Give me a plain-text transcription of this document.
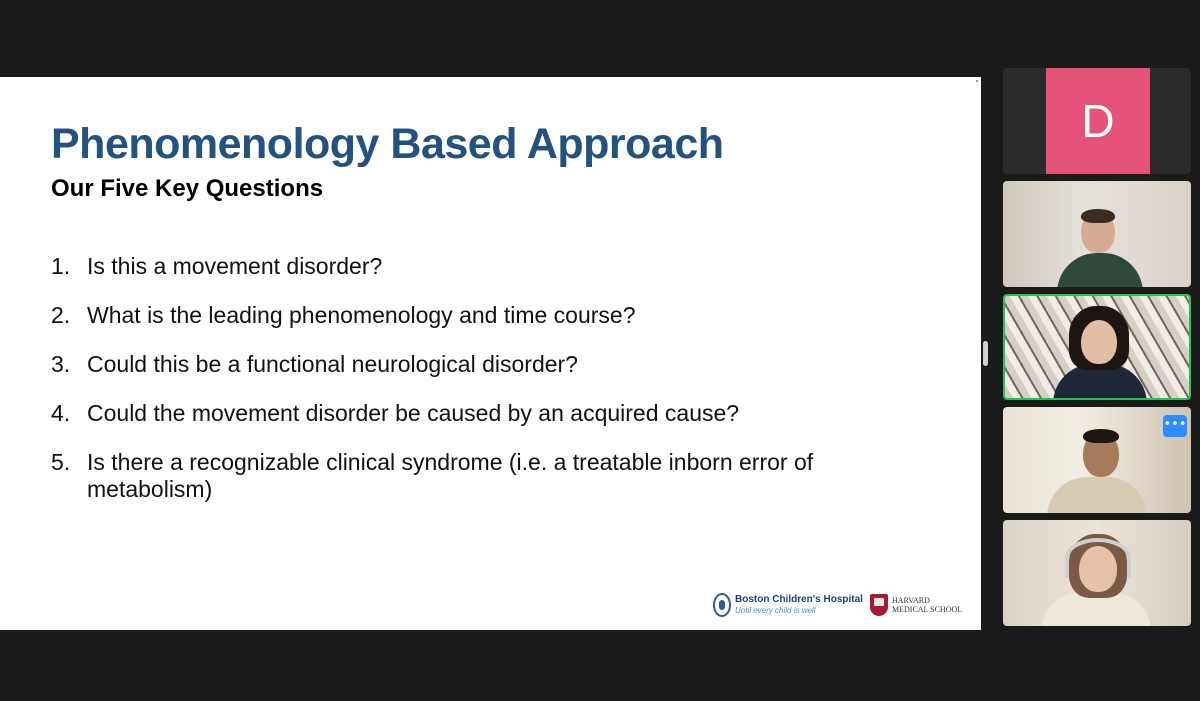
Phenomenology Based Approach
Our Five Key Questions
1. Is this a movement disorder?
2. What is the leading phenomenology and time course?
3. Could this be a functional neurological disorder?
4. Could the movement disorder be caused by an acquired cause?
5. Is there a recognizable clinical syndrome (i.e. a treatable inborn error of metabolism)
Boston Children's Hospital
Until every child is well
HARVARD
MEDICAL SCHOOL
D
•••
